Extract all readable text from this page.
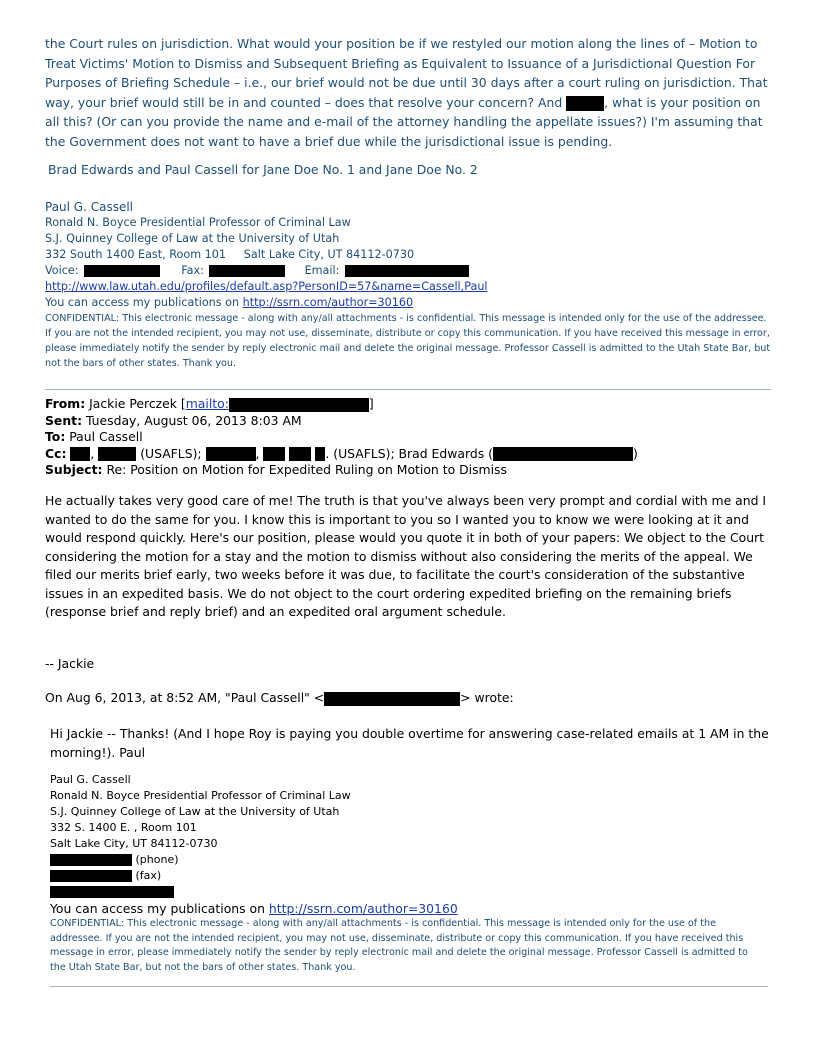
the Court rules on jurisdiction. What would your position be if we restyled our motion along the lines of – Motion to Treat Victims' Motion to Dismiss and Subsequent Briefing as Equivalent to Issuance of a Jurisdictional Question For Purposes of Briefing Schedule – i.e., our brief would not be due until 30 days after a court ruling on jurisdiction. That way, your brief would still be in and counted – does that resolve your concern? And	, what is your position on all this? (Or can you provide the name and e-mail of the attorney handling the appellate issues?) I'm assuming that the Government does not want to have a brief due while the jurisdictional issue is pending.
Brad Edwards and Paul Cassell for Jane Doe No. 1 and Jane Doe No. 2
Paul G. Cassell
Ronald N. Boyce Presidential Professor of Criminal Law
S.J. Quinney College of Law at the University of Utah
332 South 1400 East, Room 101     Salt Lake City, UT 84112-0730
Voice:	Fax:	Email:
http://www.law.utah.edu/profiles/default.asp?PersonID=57&name=Cassell,Paul
You can access my publications on http://ssrn.com/author=30160
CONFIDENTIAL: This electronic message - along with any/all attachments - is confidential. This message is intended only for the use of the addressee. If you are not the intended recipient, you may not use, disseminate, distribute or copy this communication. If you have received this message in error, please immediately notify the sender by reply electronic mail and delete the original message. Professor Cassell is admitted to the Utah State Bar, but not the bars of other states. Thank you.
From: Jackie Perczek [mailto:	]
Sent: Tuesday, August 06, 2013 8:03 AM
To: Paul Cassell
Cc: ,	(USAFLS);	,	. (USAFLS); Brad Edwards (	)
Subject: Re: Position on Motion for Expedited Ruling on Motion to Dismiss
He actually takes very good care of me! The truth is that you've always been very prompt and cordial with me and I wanted to do the same for you. I know this is important to you so I wanted you to know we were looking at it and would respond quickly. Here's our position, please would you quote it in both of your papers: We object to the Court considering the motion for a stay and the motion to dismiss without also considering the merits of the appeal. We filed our merits brief early, two weeks before it was due, to facilitate the court's consideration of the substantive issues in an expedited basis. We do not object to the court ordering expedited briefing on the remaining briefs (response brief and reply brief) and an expedited oral argument schedule.
-- Jackie
On Aug 6, 2013, at 8:52 AM, "Paul Cassell" <	> wrote:
Hi Jackie -- Thanks! (And I hope Roy is paying you double overtime for answering case-related emails at 1 AM in the morning!). Paul
Paul G. Cassell
Ronald N. Boyce Presidential Professor of Criminal Law
S.J. Quinney College of Law at the University of Utah
332 S. 1400 E. , Room 101
Salt Lake City, UT 84112-0730
(phone)
(fax)
You can access my publications on http://ssrn.com/author=30160
CONFIDENTIAL: This electronic message - along with any/all attachments - is confidential. This message is intended only for the use of the addressee. If you are not the intended recipient, you may not use, disseminate, distribute or copy this communication. If you have received this message in error, please immediately notify the sender by reply electronic mail and delete the original message. Professor Cassell is admitted to the Utah State Bar, but not the bars of other states. Thank you.
